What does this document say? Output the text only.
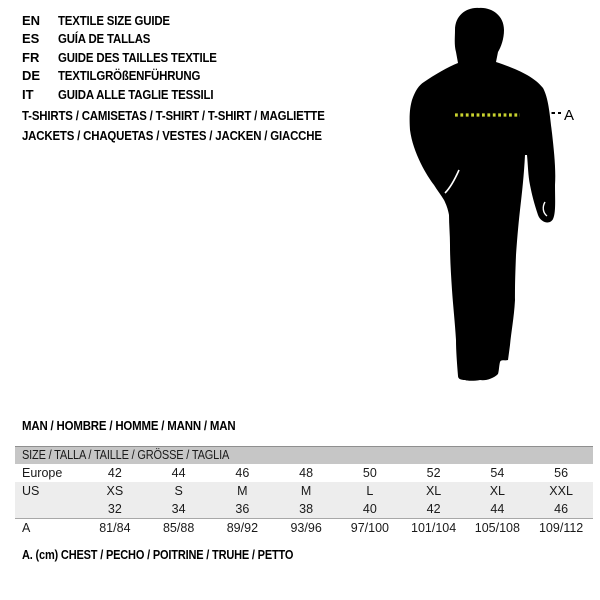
EN	TEXTILE SIZE GUIDE
ES	GUÍA DE TALLAS
FR	GUIDE DES TAILLES TEXTILE
DE	TEXTILGRÖßENFÜHRUNG
IT	GUIDA ALLE TAGLIE TESSILI
T-SHIRTS / CAMISETAS / T-SHIRT / T-SHIRT / MAGLIETTE JACKETS / CHAQUETAS / VESTES / JACKEN / GIACCHE
A
MAN / HOMBRE / HOMME / MANN / MAN
SIZE / TALLA / TAILLE / GRÖSSE / TAGLIA								
Europe	42	44	46	48	50	52	54	56
US	XS	S	M	M	L	XL	XL	XXL
	32	34	36	38	40	42	44	46
A	81/84	85/88	89/92	93/96	97/100	101/104	105/108	109/112
A. (cm) CHEST / PECHO / POITRINE / TRUHE / PETTO
